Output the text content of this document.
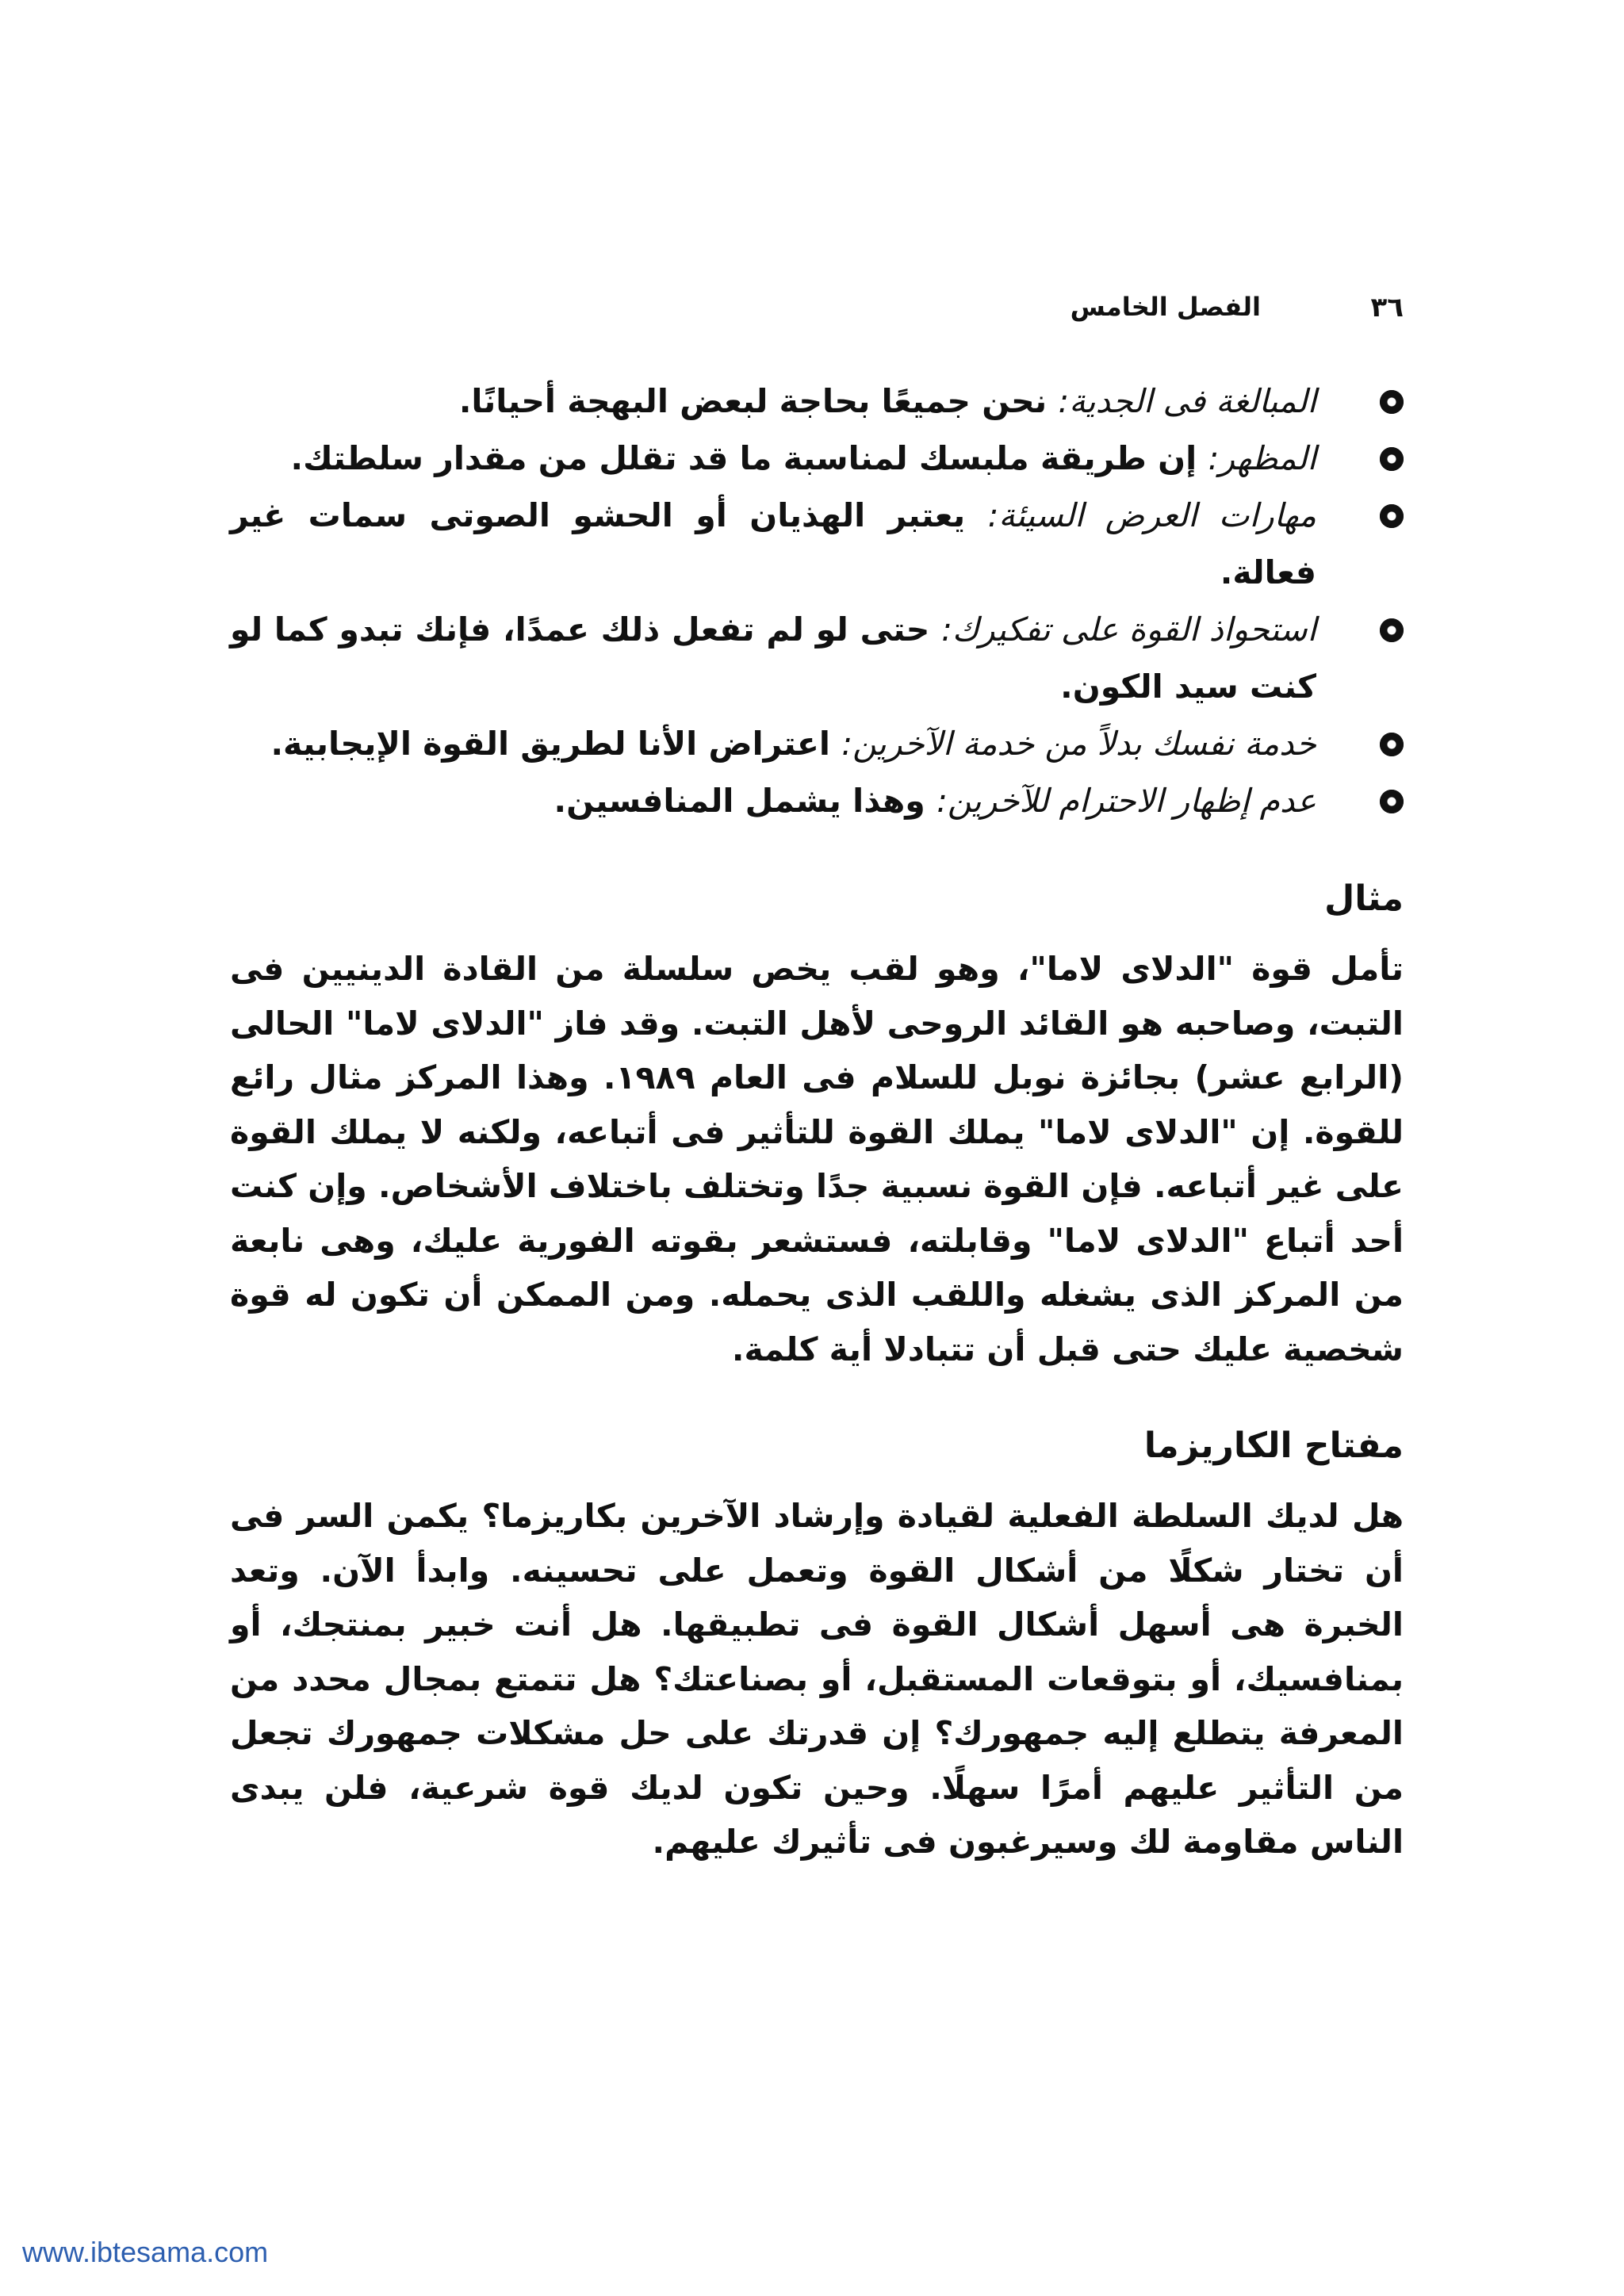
٣٦
الفصل الخامس
المبالغة فى الجدية: نحن جميعًا بحاجة لبعض البهجة أحيانًا.
المظهر: إن طريقة ملبسك لمناسبة ما قد تقلل من مقدار سلطتك.
مهارات العرض السيئة: يعتبر الهذيان أو الحشو الصوتى سمات غير فعالة.
استحواذ القوة على تفكيرك: حتى لو لم تفعل ذلك عمدًا، فإنك تبدو كما لو كنت سيد الكون.
خدمة نفسك بدلاً من خدمة الآخرين: اعتراض الأنا لطريق القوة الإيجابية.
عدم إظهار الاحترام للآخرين: وهذا يشمل المنافسين.
مثال

تأمل قوة "الدلاى لاما"، وهو لقب يخص سلسلة من القادة الدينيين فى التبت، وصاحبه هو القائد الروحى لأهل التبت. وقد فاز "الدلاى لاما" الحالى (الرابع عشر) بجائزة نوبل للسلام فى العام ١٩٨٩. وهذا المركز مثال رائع للقوة. إن "الدلاى لاما" يملك القوة للتأثير فى أتباعه، ولكنه لا يملك القوة على غير أتباعه. فإن القوة نسبية جدًا وتختلف باختلاف الأشخاص. وإن كنت أحد أتباع "الدلاى لاما" وقابلته، فستشعر بقوته الفورية عليك، وهى نابعة من المركز الذى يشغله واللقب الذى يحمله. ومن الممكن أن تكون له قوة شخصية عليك حتى قبل أن تتبادلا أية كلمة.

مفتاح الكاريزما

هل لديك السلطة الفعلية لقيادة وإرشاد الآخرين بكاريزما؟ يكمن السر فى أن تختار شكلًا من أشكال القوة وتعمل على تحسينه. وابدأ الآن. وتعد الخبرة هى أسهل أشكال القوة فى تطبيقها. هل أنت خبير بمنتجك، أو بمنافسيك، أو بتوقعات المستقبل، أو بصناعتك؟ هل تتمتع بمجال محدد من المعرفة يتطلع إليه جمهورك؟ إن قدرتك على حل مشكلات جمهورك تجعل من التأثير عليهم أمرًا سهلًا. وحين تكون لديك قوة شرعية، فلن يبدى الناس مقاومة لك وسيرغبون فى تأثيرك عليهم.

www.ibtesama.com
